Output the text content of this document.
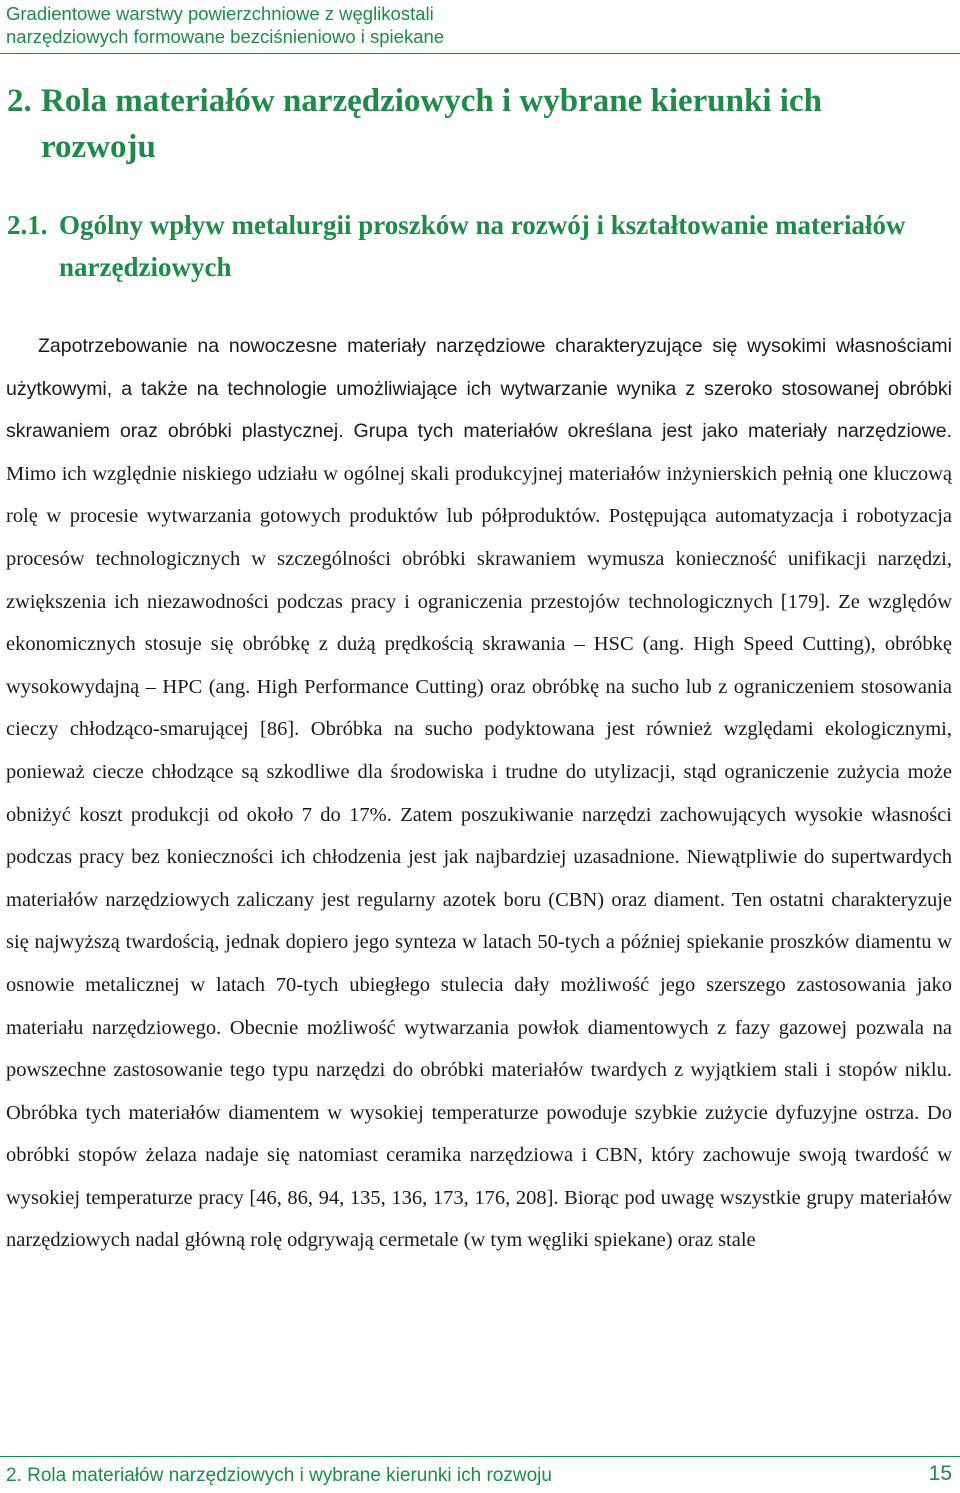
Gradientowe warstwy powierzchniowe z węglikostali
narzędziowych formowane bezciśnieniowo i spiekane
2. Rola materiałów narzędziowych i wybrane kierunki ich rozwoju
2.1. Ogólny wpływ metalurgii proszków na rozwój i kształtowanie materiałów narzędziowych
Zapotrzebowanie na nowoczesne materiały narzędziowe charakteryzujące się wysokimi własnościami użytkowymi, a także na technologie umożliwiające ich wytwarzanie wynika z szeroko stosowanej obróbki skrawaniem oraz obróbki plastycznej. Grupa tych materiałów określana jest jako materiały narzędziowe. Mimo ich względnie niskiego udziału w ogólnej skali produkcyjnej materiałów inżynierskich pełnią one kluczową rolę w procesie wytwarzania gotowych produktów lub półproduktów. Postępująca automatyzacja i robotyzacja procesów technologicznych w szczególności obróbki skrawaniem wymusza konieczność unifikacji narzędzi, zwiększenia ich niezawodności podczas pracy i ograniczenia przestojów technologicznych [179]. Ze względów ekonomicznych stosuje się obróbkę z dużą prędkością skrawania – HSC (ang. High Speed Cutting), obróbkę wysokowydajną – HPC (ang. High Performance Cutting) oraz obróbkę na sucho lub z ograniczeniem stosowania cieczy chłodząco-smarującej [86]. Obróbka na sucho podyktowana jest również względami ekologicznymi, ponieważ ciecze chłodzące są szkodliwe dla środowiska i trudne do utylizacji, stąd ograniczenie zużycia może obniżyć koszt produkcji od około 7 do 17%. Zatem poszukiwanie narzędzi zachowujących wysokie własności podczas pracy bez konieczności ich chłodzenia jest jak najbardziej uzasadnione. Niewątpliwie do supertwardych materiałów narzędziowych zaliczany jest regularny azotek boru (CBN) oraz diament. Ten ostatni charakteryzuje się najwyższą twardością, jednak dopiero jego synteza w latach 50-tych a później spiekanie proszków diamentu w osnowie metalicznej w latach 70-tych ubiegłego stulecia dały możliwość jego szerszego zastosowania jako materiału narzędziowego. Obecnie możliwość wytwarzania powłok diamentowych z fazy gazowej pozwala na powszechne zastosowanie tego typu narzędzi do obróbki materiałów twardych z wyjątkiem stali i stopów niklu. Obróbka tych materiałów diamentem w wysokiej temperaturze powoduje szybkie zużycie dyfuzyjne ostrza. Do obróbki stopów żelaza nadaje się natomiast ceramika narzędziowa i CBN, który zachowuje swoją twardość w wysokiej temperaturze pracy [46, 86, 94, 135, 136, 173, 176, 208]. Biorąc pod uwagę wszystkie grupy materiałów narzędziowych nadal główną rolę odgrywają cermetale (w tym węgliki spiekane) oraz stale
2. Rola materiałów narzędziowych i wybrane kierunki ich rozwoju	15
